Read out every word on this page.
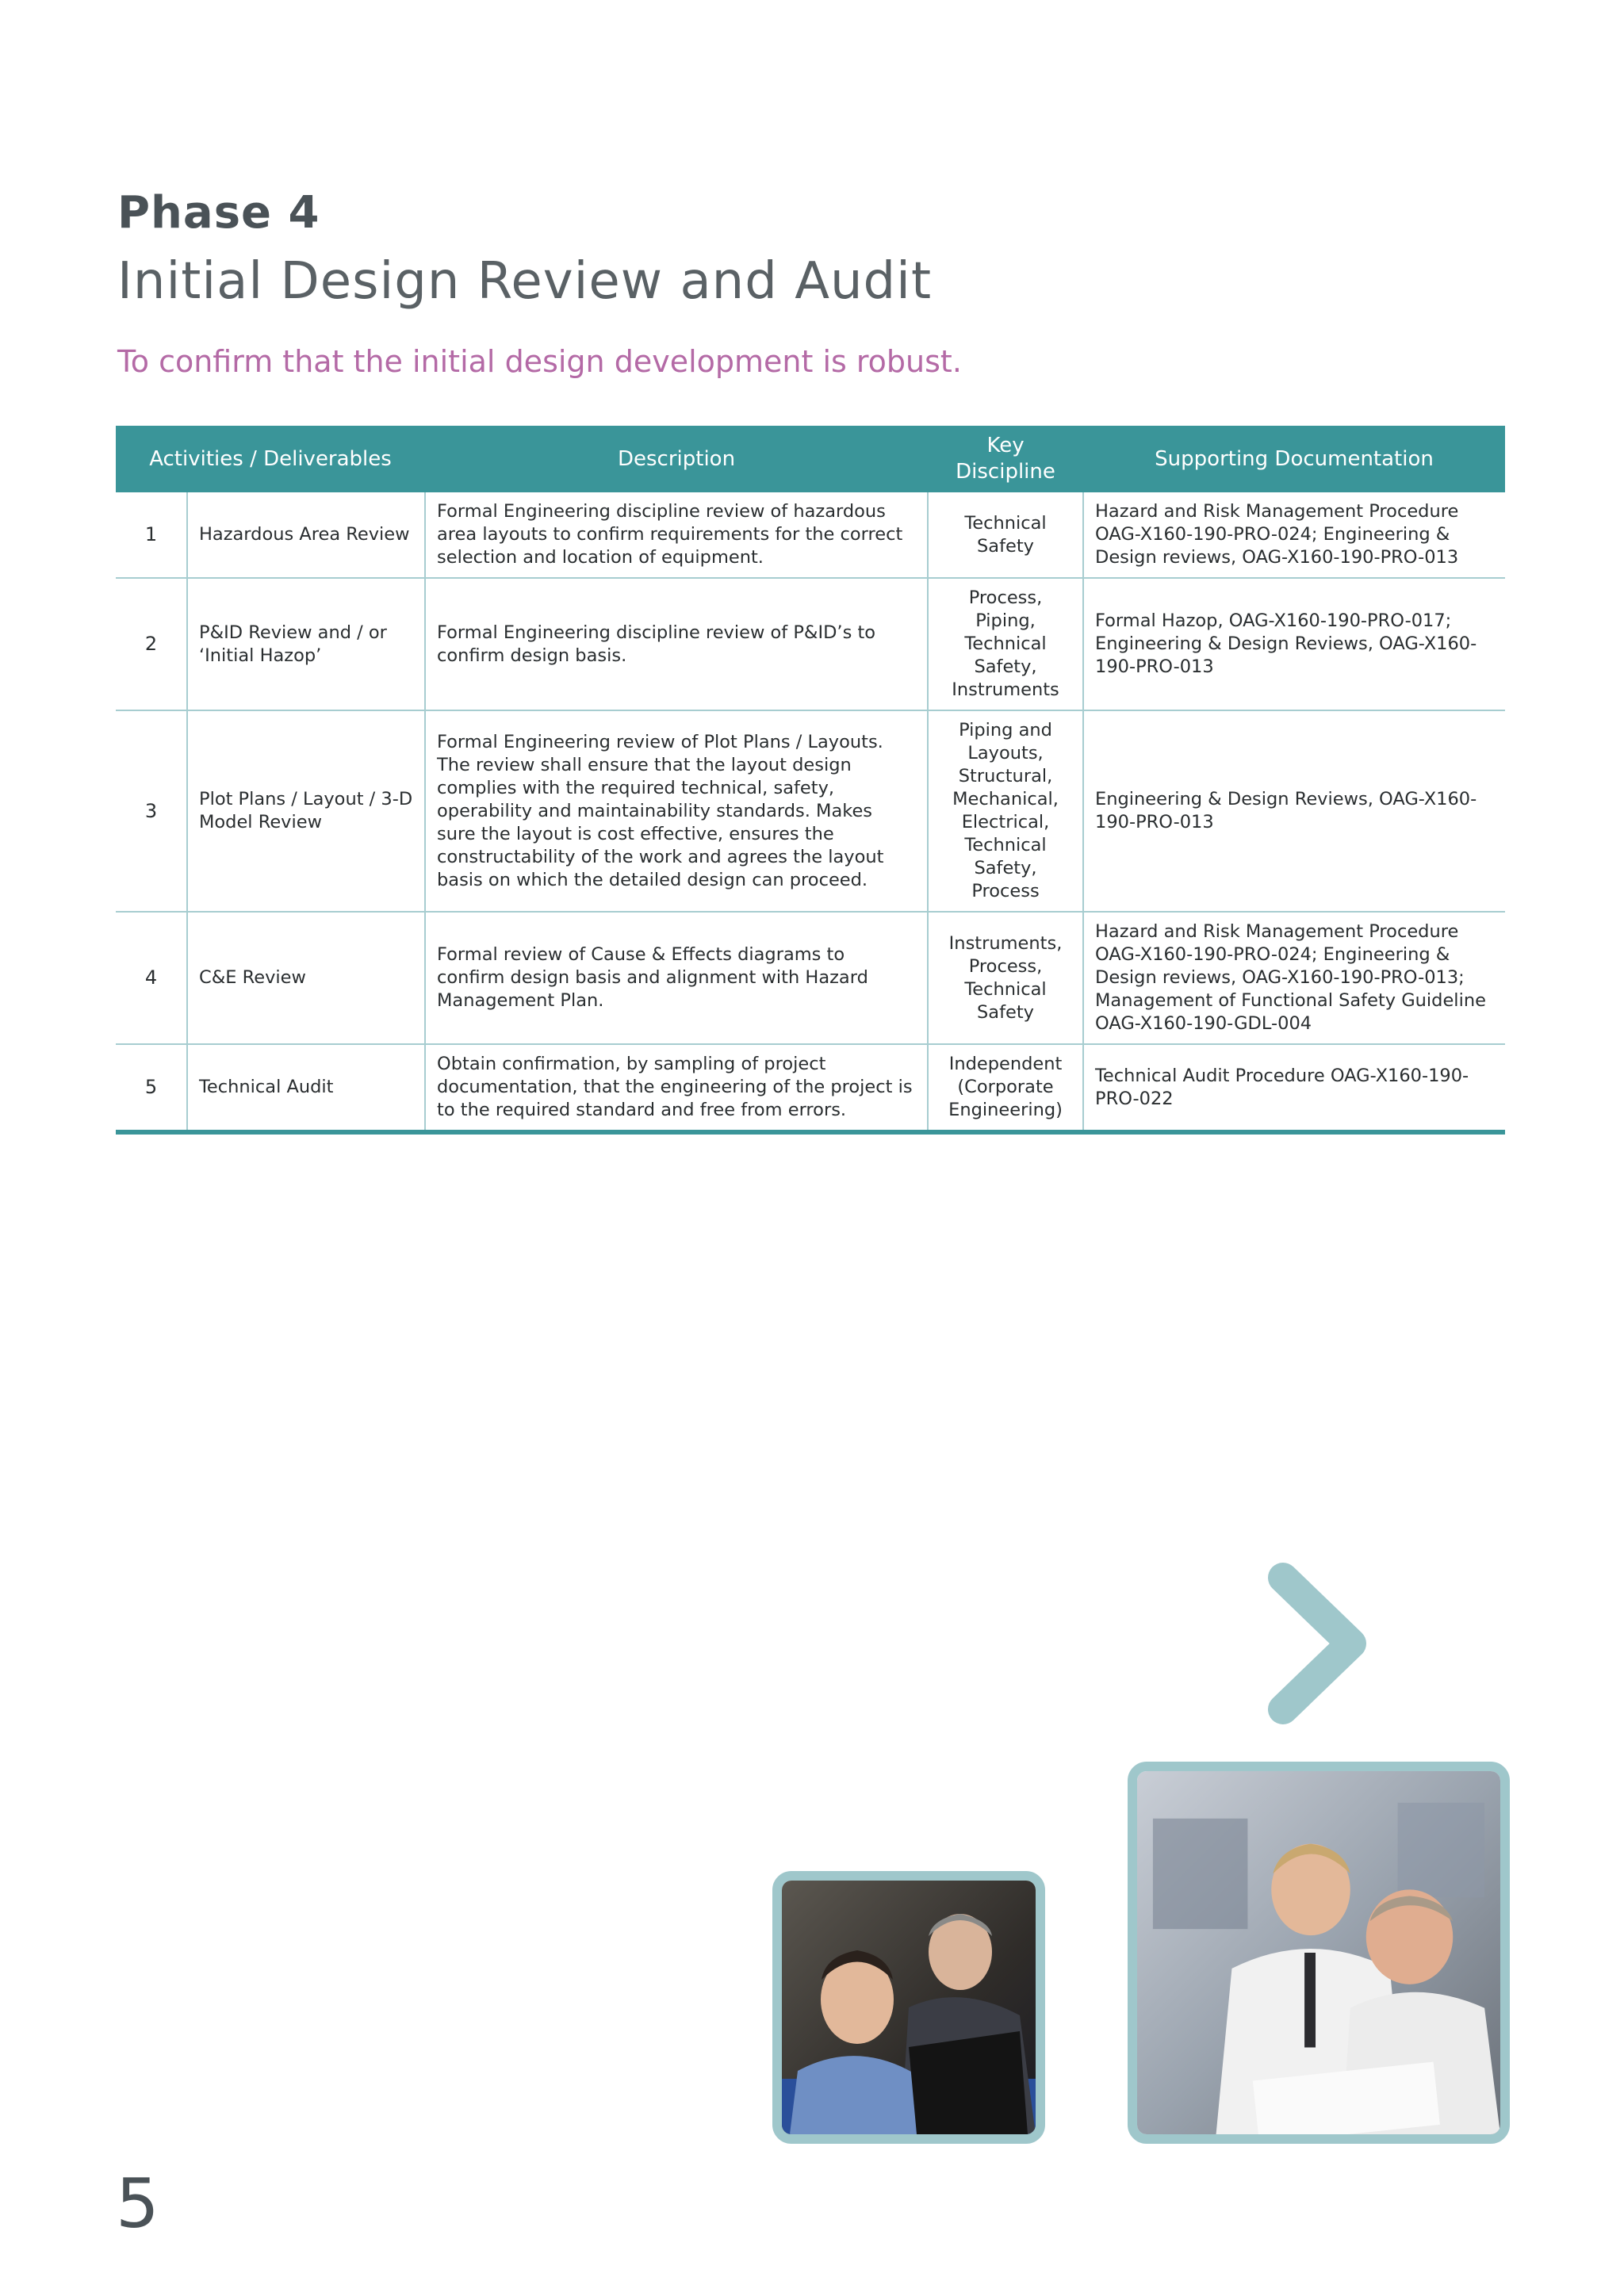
Phase 4
Initial Design Review and Audit
To confirm that the initial design development is robust.
Activities / Deliverables		Description	Key Discipline	Supporting Documentation
1	Hazardous Area Review	Formal Engineering discipline review of hazardous area layouts to confirm requirements for the correct selection and location of equipment.	Technical Safety	Hazard and Risk Management Procedure OAG-X160-190-PRO-024; Engineering & Design reviews, OAG-X160-190-PRO-013
2	P&ID Review and / or ‘Initial Hazop’	Formal Engineering discipline review of P&ID’s to confirm design basis.	Process, Piping, Technical Safety, Instruments	Formal Hazop, OAG-X160-190-PRO-017; Engineering & Design Reviews, OAG-X160-190-PRO-013
3	Plot Plans / Layout / 3-D Model Review	Formal Engineering review of Plot Plans / Layouts. The review shall ensure that the layout design complies with the required technical, safety, operability and maintainability standards. Makes sure the layout is cost effective, ensures the constructability of the work and agrees the layout basis on which the detailed design can proceed.	Piping and Layouts, Structural, Mechanical, Electrical, Technical Safety, Process	Engineering & Design Reviews, OAG-X160-190-PRO-013
4	C&E Review	Formal review of Cause & Effects diagrams to confirm design basis and alignment with Hazard Management Plan.	Instruments, Process, Technical Safety	Hazard and Risk Management Procedure OAG-X160-190-PRO-024; Engineering & Design reviews, OAG-X160-190-PRO-013; Management of Functional Safety Guideline OAG-X160-190-GDL-004
5	Technical Audit	Obtain confirmation, by sampling of project documentation, that the engineering of the project is to the required standard and free from errors.	Independent (Corporate Engineering)	Technical Audit Procedure OAG-X160-190-PRO-022
5
